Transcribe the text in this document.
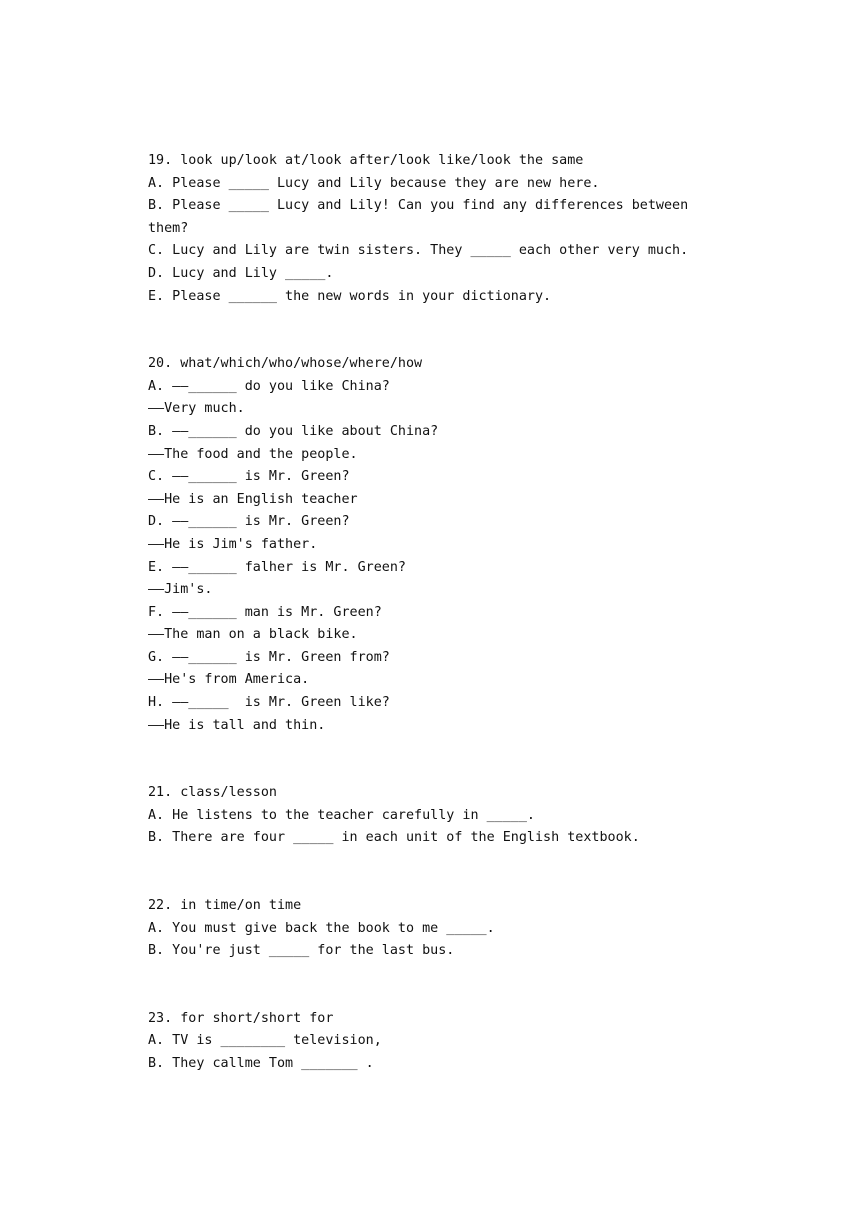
19. look up/look at/look after/look like/look the same
A. Please _____ Lucy and Lily because they are new here.
B. Please _____ Lucy and Lily! Can you find any differences between
them?
C. Lucy and Lily are twin sisters. They _____ each other very much.
D. Lucy and Lily _____.
E. Please ______ the new words in your dictionary.
20. what/which/who/whose/where/how
A. ——______ do you like China?
——Very much.
B. ——______ do you like about China?
——The food and the people.
C. ——______ is Mr. Green?
——He is an English teacher
D. ——______ is Mr. Green?
——He is Jim's father.
E. ——______ falher is Mr. Green?
——Jim's.
F. ——______ man is Mr. Green?
——The man on a black bike.
G. ——______ is Mr. Green from?
——He's from America.
H. ——_____  is Mr. Green like?
——He is tall and thin.
21. class/lesson
A. He listens to the teacher carefully in _____.
B. There are four _____ in each unit of the English textbook.
22. in time/on time
A. You must give back the book to me _____.
B. You're just _____ for the last bus.
23. for short/short for
A. TV is ________ television,
B. They callme Tom _______ .
